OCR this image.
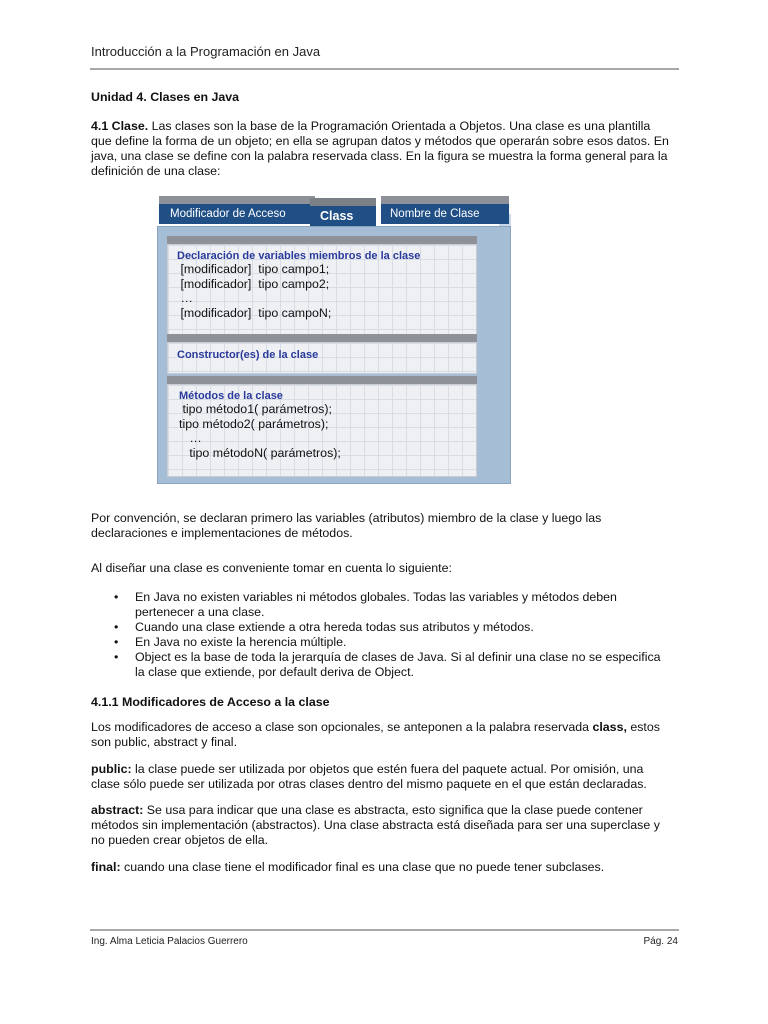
Introducción a la Programación en Java
Unidad 4. Clases en Java
4.1 Clase. Las clases son la base de la Programación Orientada a Objetos. Una clase es una plantilla
que define la forma de un objeto; en ella se agrupan datos y métodos que operarán sobre esos datos. En
java, una clase se define con la palabra reservada class. En la figura se muestra la forma general para la
definición de una clase:
Modificador de Acceso	Class	Nombre de Clase
Declaración de variables miembros de la clase
[modificador]  tipo campo1;
[modificador]  tipo campo2;
…
[modificador]  tipo campoN;
Constructor(es) de la clase
Métodos de la clase
tipo método1( parámetros);
tipo método2( parámetros);
…
tipo métodoN( parámetros);
Por convención, se declaran primero las variables (atributos) miembro de la clase y luego las
declaraciones e implementaciones de métodos.
Al diseñar una clase es conveniente tomar en cuenta lo siguiente:
• En Java no existen variables ni métodos globales. Todas las variables y métodos deben
pertenecer a una clase.
• Cuando una clase extiende a otra hereda todas sus atributos y métodos.
• En Java no existe la herencia múltiple.
• Object es la base de toda la jerarquía de clases de Java. Si al definir una clase no se especifica
la clase que extiende, por default deriva de Object.
4.1.1 Modificadores de Acceso a la clase
Los modificadores de acceso a clase son opcionales, se anteponen a la palabra reservada class, estos
son public, abstract y final.
public: la clase puede ser utilizada por objetos que estén fuera del paquete actual. Por omisión, una
clase sólo puede ser utilizada por otras clases dentro del mismo paquete en el que están declaradas.
abstract: Se usa para indicar que una clase es abstracta, esto significa que la clase puede contener
métodos sin implementación (abstractos). Una clase abstracta está diseñada para ser una superclase y
no pueden crear objetos de ella.
final: cuando una clase tiene el modificador final es una clase que no puede tener subclases.
Ing. Alma Leticia Palacios Guerrero	Pág. 24
